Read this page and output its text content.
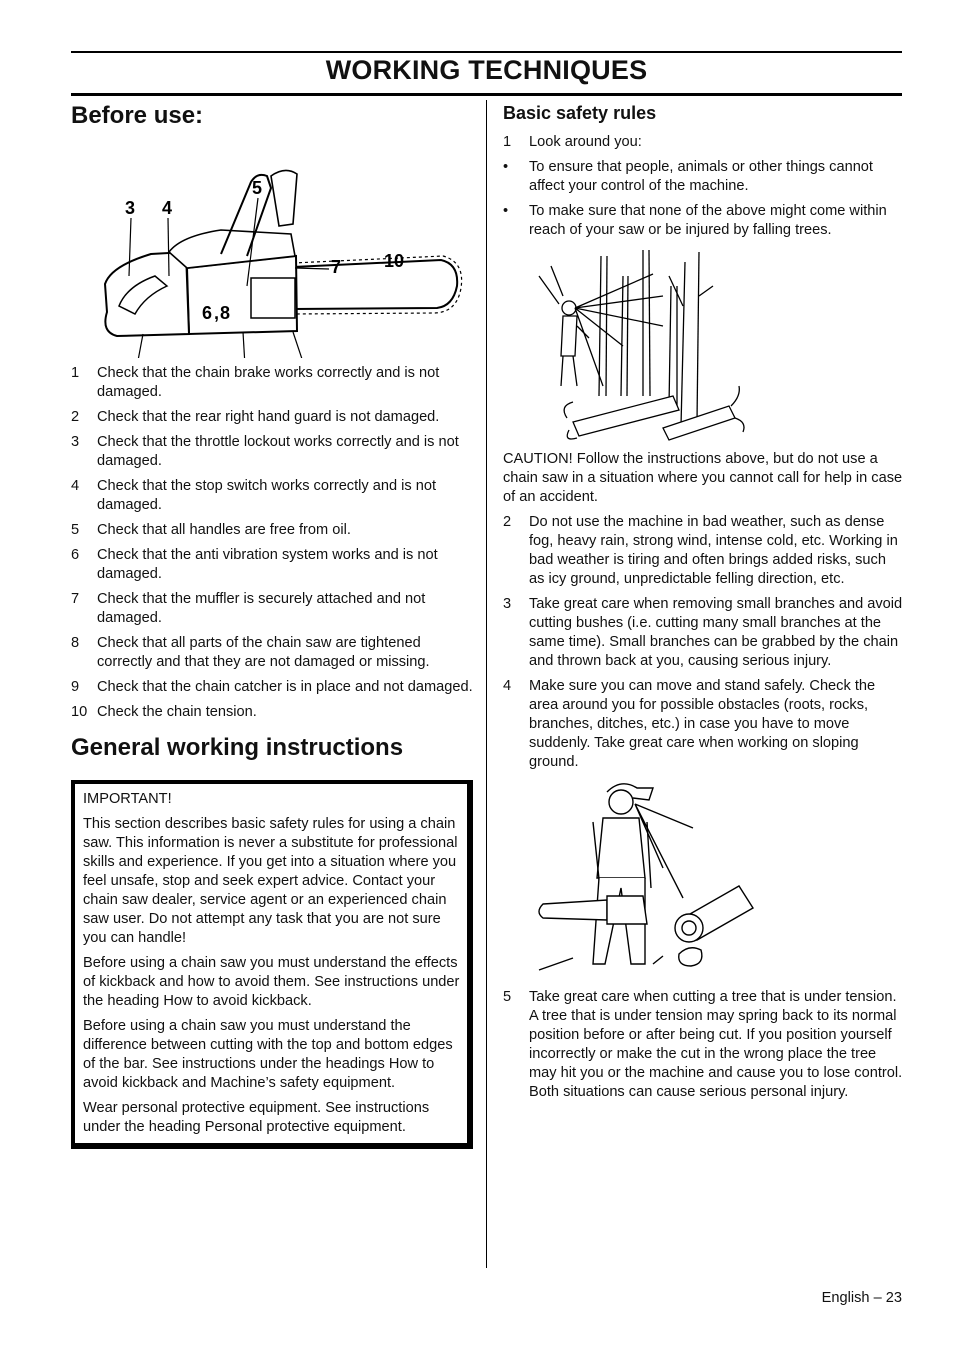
WORKING TECHNIQUES
Before use:
3 4
5
7 10
6 , 8
1 Check that the chain brake works correctly and is not damaged.
2 Check that the rear right hand guard is not damaged.
3 Check that the throttle lockout works correctly and is not damaged.
4 Check that the stop switch works correctly and is not damaged.
5 Check that all handles are free from oil.
6 Check that the anti vibration system works and is not damaged.
7 Check that the muffler is securely attached and not damaged.
8 Check that all parts of the chain saw are tightened correctly and that they are not damaged or missing.
9 Check that the chain catcher is in place and not damaged.
10 Check the chain tension.
General working instructions

IMPORTANT!

This section describes basic safety rules for using a chain saw. This information is never a substitute for professional skills and experience. If you get into a situation where you feel unsafe, stop and seek expert advice. Contact your chain saw dealer, service agent or an experienced chain saw user. Do not attempt any task that you are not sure you can handle!

Before using a chain saw you must understand the effects of kickback and how to avoid them. See instructions under the heading How to avoid kickback.

Before using a chain saw you must understand the difference between cutting with the top and bottom edges of the bar. See instructions under the headings How to avoid kickback and Machine’s safety equipment.

Wear personal protective equipment. See instructions under the heading Personal protective equipment.

Basic safety rules
1 Look around you:
• To ensure that people, animals or other things cannot affect your control of the machine.
• To make sure that none of the above might come within reach of your saw or be injured by falling trees.

CAUTION! Follow the instructions above, but do not use a chain saw in a situation where you cannot call for help in case of an accident.

2 Do not use the machine in bad weather, such as dense fog, heavy rain, strong wind, intense cold, etc. Working in bad weather is tiring and often brings added risks, such as icy ground, unpredictable felling direction, etc.
3 Take great care when removing small branches and avoid cutting bushes (i.e. cutting many small branches at the same time). Small branches can be grabbed by the chain and thrown back at you, causing serious injury.
4 Make sure you can move and stand safely. Check the area around you for possible obstacles (roots, rocks, branches, ditches, etc.) in case you have to move suddenly. Take great care when working on sloping ground.
5 Take great care when cutting a tree that is under tension. A tree that is under tension may spring back to its normal position before or after being cut. If you position yourself incorrectly or make the cut in the wrong place the tree may hit you or the machine and cause you to lose control. Both situations can cause serious personal injury.
English – 23
